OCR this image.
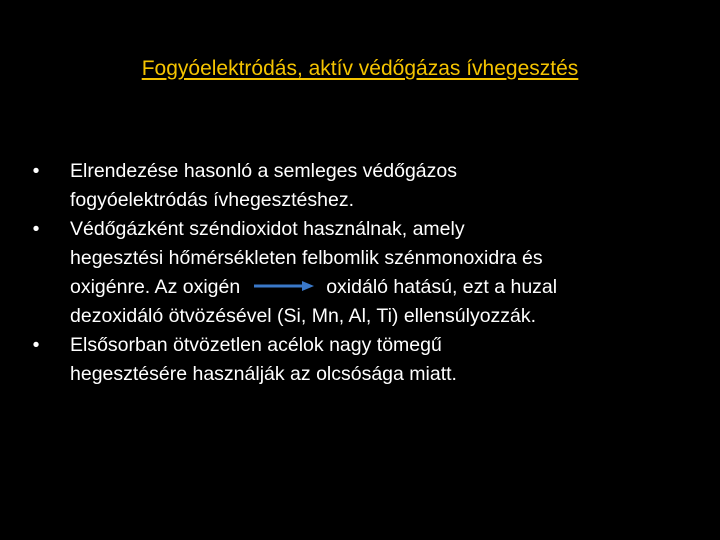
Fogyóelektródás, aktív védőgázas ívhegesztés
•	Elrendezése hasonló a semleges védőgázos
fogyóelektródás ívhegesztéshez.
•	Védőgázként széndioxidot használnak, amely
hegesztési hőmérsékleten felbomlik szénmonoxidra és
oxigénre. Az oxigén	oxidáló hatású, ezt a huzal
dezoxidáló ötvözésével (Si, Mn, Al, Ti) ellensúlyozzák.
•	Elsősorban ötvözetlen acélok nagy tömegű
hegesztésére használják az olcsósága miatt.
